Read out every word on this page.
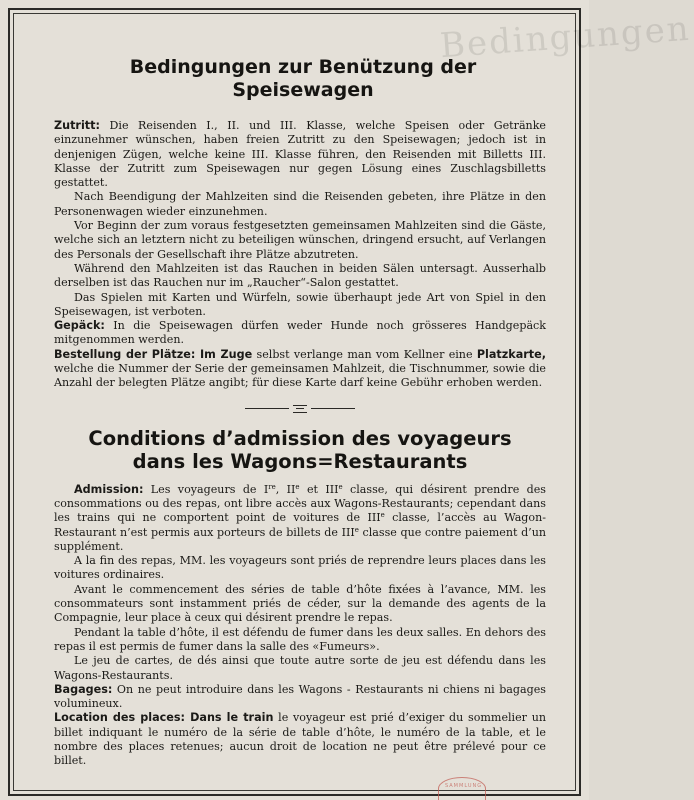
Bedingungen
Bedingungen zur Benützung der
Speisewagen

Zutritt: Die Reisenden I., II. und III. Klasse, welche Speisen oder Getränke einzunehmer wünschen, haben freien Zutritt zu den Speisewagen; jedoch ist in denjenigen Zügen, welche keine III. Klasse führen, den Reisenden mit Billetts III. Klasse der Zutritt zum Speisewagen nur gegen Lösung eines Zuschlagsbilletts gestattet.

Nach Beendigung der Mahlzeiten sind die Reisenden gebeten, ihre Plätze in den Personenwagen wieder einzunehmen.

Vor Beginn der zum voraus festgesetzten gemeinsamen Mahlzeiten sind die Gäste, welche sich an letztern nicht zu beteiligen wünschen, dringend ersucht, auf Verlangen des Personals der Gesellschaft ihre Plätze abzutreten.

Während den Mahlzeiten ist das Rauchen in beiden Sälen untersagt. Ausserhalb derselben ist das Rauchen nur im „Raucher“-Salon gestattet.

Das Spielen mit Karten und Würfeln, sowie überhaupt jede Art von Spiel in den Speisewagen, ist verboten.

Gepäck: In die Speisewagen dürfen weder Hunde noch grösseres Handgepäck mitgenommen werden.

Bestellung der Plätze: Im Zuge selbst verlange man vom Kellner eine Platzkarte, welche die Nummer der Serie der gemeinsamen Mahlzeit, die Tischnummer, sowie die Anzahl der belegten Plätze angibt; für diese Karte darf keine Gebühr erhoben werden.

Conditions d’admission des voyageurs
dans les Wagons=Restaurants

Admission: Les voyageurs de Ire, IIe et IIIe classe, qui désirent prendre des consommations ou des repas, ont libre accès aux Wagons-Restaurants; cependant dans les trains qui ne comportent point de voitures de IIIe classe, l’accès au Wagon-Restaurant n’est permis aux porteurs de billets de IIIe classe que contre paiement d’un supplément.

A la fin des repas, MM. les voyageurs sont priés de reprendre leurs places dans les voitures ordinaires.

Avant le commencement des séries de table d’hôte fixées à l’avance, MM. les consommateurs sont instamment priés de céder, sur la demande des agents de la Compagnie, leur place à ceux qui désirent prendre le repas.

Pendant la table d’hôte, il est défendu de fumer dans les deux salles. En dehors des repas il est permis de fumer dans la salle des «Fumeurs».

Le jeu de cartes, de dés ainsi que toute autre sorte de jeu est défendu dans les Wagons-Restaurants.

Bagages: On ne peut introduire dans les Wagons - Restaurants ni chiens ni bagages volumineux.

Location des places: Dans le train le voyageur est prié d’exiger du sommelier un billet indiquant le numéro de la série de table d’hôte, le numéro de la table, et le nombre des places retenues; aucun droit de location ne peut être prélevé pour ce billet.

SAMMLUNG
